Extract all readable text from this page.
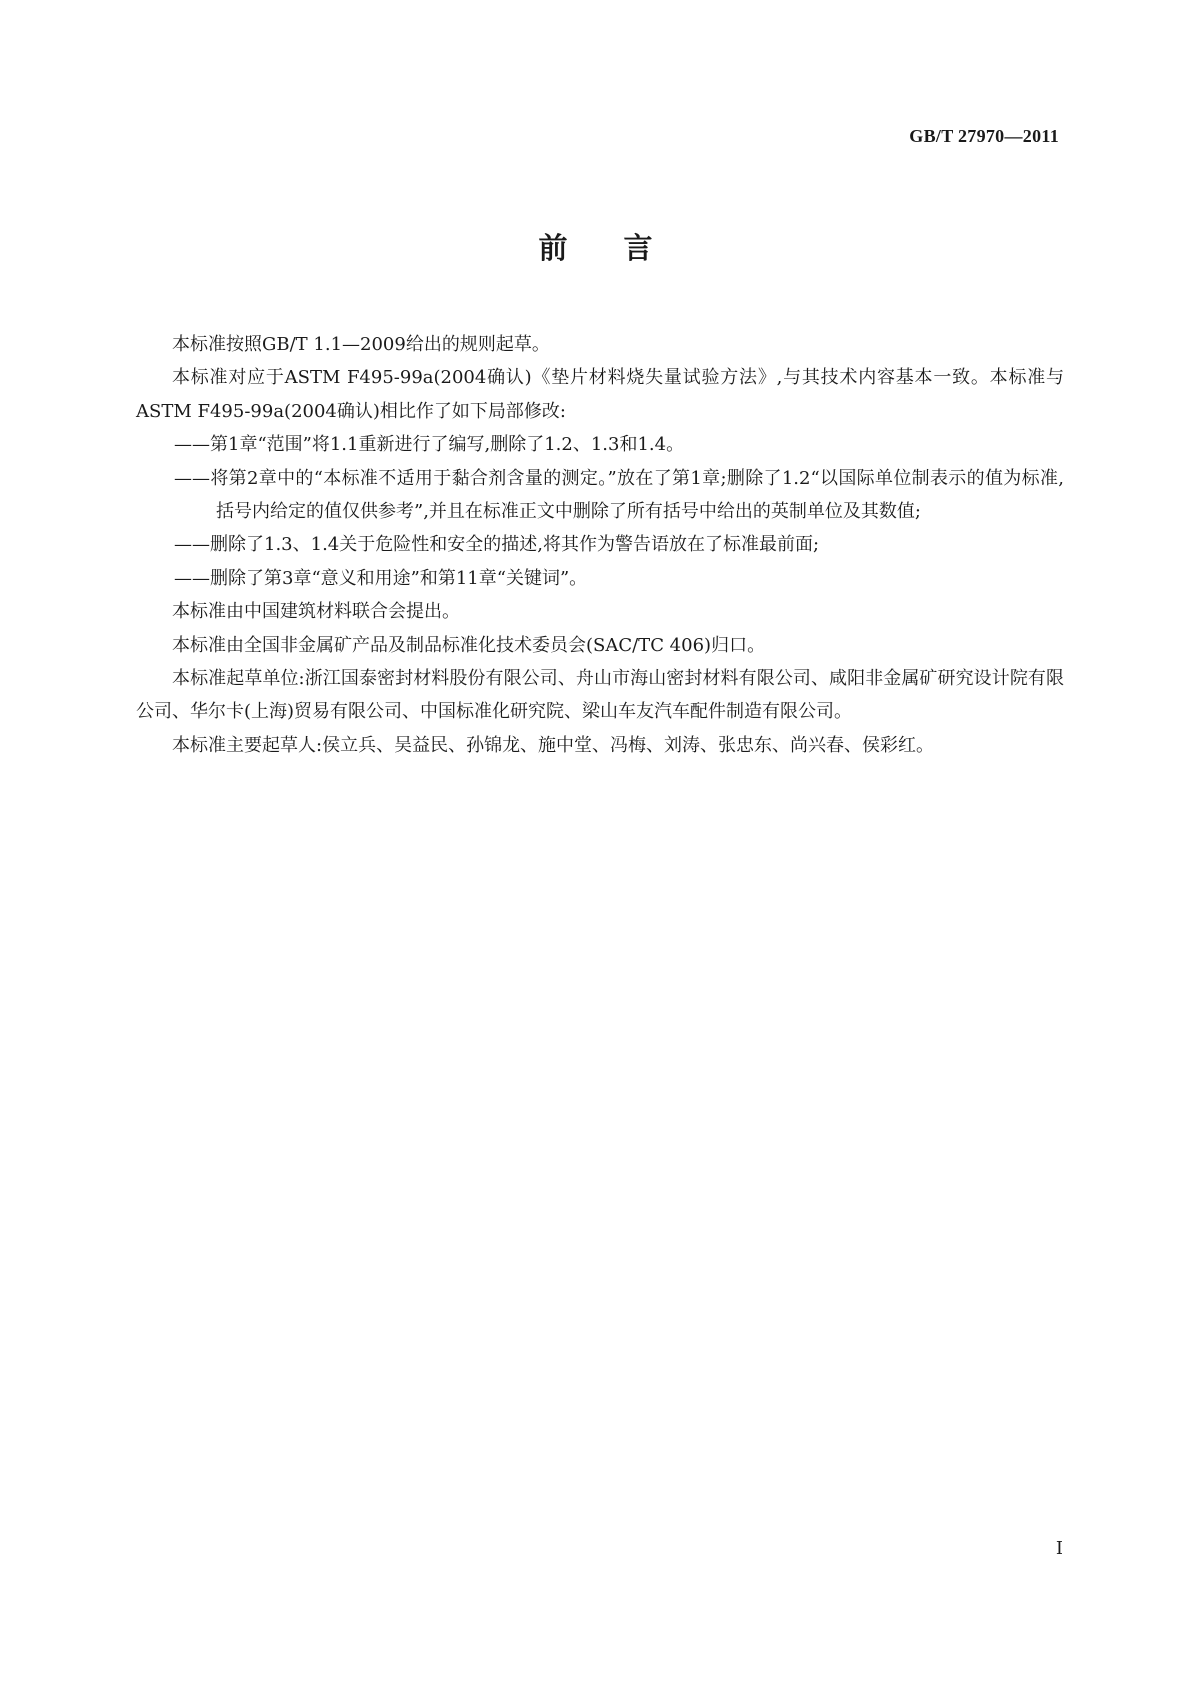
GB/T 27970—2011
前言

本标准按照GB/T 1.1—2009给出的规则起草。

本标准对应于ASTM F495-99a(2004确认)《垫片材料烧失量试验方法》,与其技术内容基本一致。本标准与ASTM F495-99a(2004确认)相比作了如下局部修改:

——第1章“范围”将1.1重新进行了编写,删除了1.2、1.3和1.4。

——将第2章中的“本标准不适用于黏合剂含量的测定。”放在了第1章;删除了1.2“以国际单位制表示的值为标准,括号内给定的值仅供参考”,并且在标准正文中删除了所有括号中给出的英制单位及其数值;

——删除了1.3、1.4关于危险性和安全的描述,将其作为警告语放在了标准最前面;

——删除了第3章“意义和用途”和第11章“关键词”。

本标准由中国建筑材料联合会提出。

本标准由全国非金属矿产品及制品标准化技术委员会(SAC/TC 406)归口。

本标准起草单位:浙江国泰密封材料股份有限公司、舟山市海山密封材料有限公司、咸阳非金属矿研究设计院有限公司、华尔卡(上海)贸易有限公司、中国标准化研究院、梁山车友汽车配件制造有限公司。

本标准主要起草人:侯立兵、吴益民、孙锦龙、施中堂、冯梅、刘涛、张忠东、尚兴春、侯彩红。

I
